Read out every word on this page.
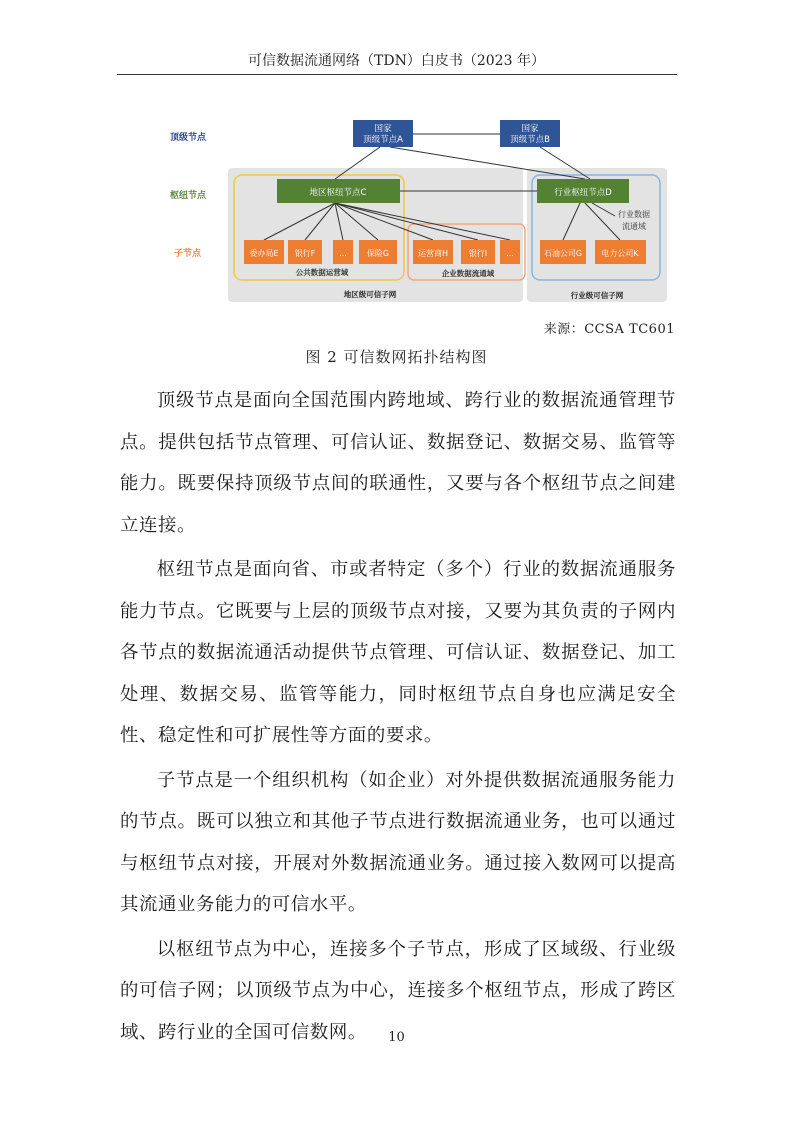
可信数据流通网络（TDN）白皮书（2023 年）
国家
顶级节点A
国家
顶级节点B
地区枢纽节点C	行业枢纽节点D
委办局E 银行F	...	保险G	运营商H	银行I ...	石油公司G 电力公司K
公共数据运营域	企业数据流通域
行业数据
流通域
地区级可信子网	行业级可信子网
顶级节点
枢纽节点
子节点
来源：CCSA TC601
图 2 可信数网拓扑结构图

顶级节点是面向全国范围内跨地域、跨行业的数据流通管理节点。提供包括节点管理、可信认证、数据登记、数据交易、监管等能力。既要保持顶级节点间的联通性，又要与各个枢纽节点之间建立连接。

枢纽节点是面向省、市或者特定（多个）行业的数据流通服务能力节点。它既要与上层的顶级节点对接，又要为其负责的子网内各节点的数据流通活动提供节点管理、可信认证、数据登记、加工处理、数据交易、监管等能力，同时枢纽节点自身也应满足安全性、稳定性和可扩展性等方面的要求。

子节点是一个组织机构（如企业）对外提供数据流通服务能力的节点。既可以独立和其他子节点进行数据流通业务，也可以通过与枢纽节点对接，开展对外数据流通业务。通过接入数网可以提高其流通业务能力的可信水平。

以枢纽节点为中心，连接多个子节点，形成了区域级、行业级的可信子网；以顶级节点为中心，连接多个枢纽节点，形成了跨区域、跨行业的全国可信数网。	10
